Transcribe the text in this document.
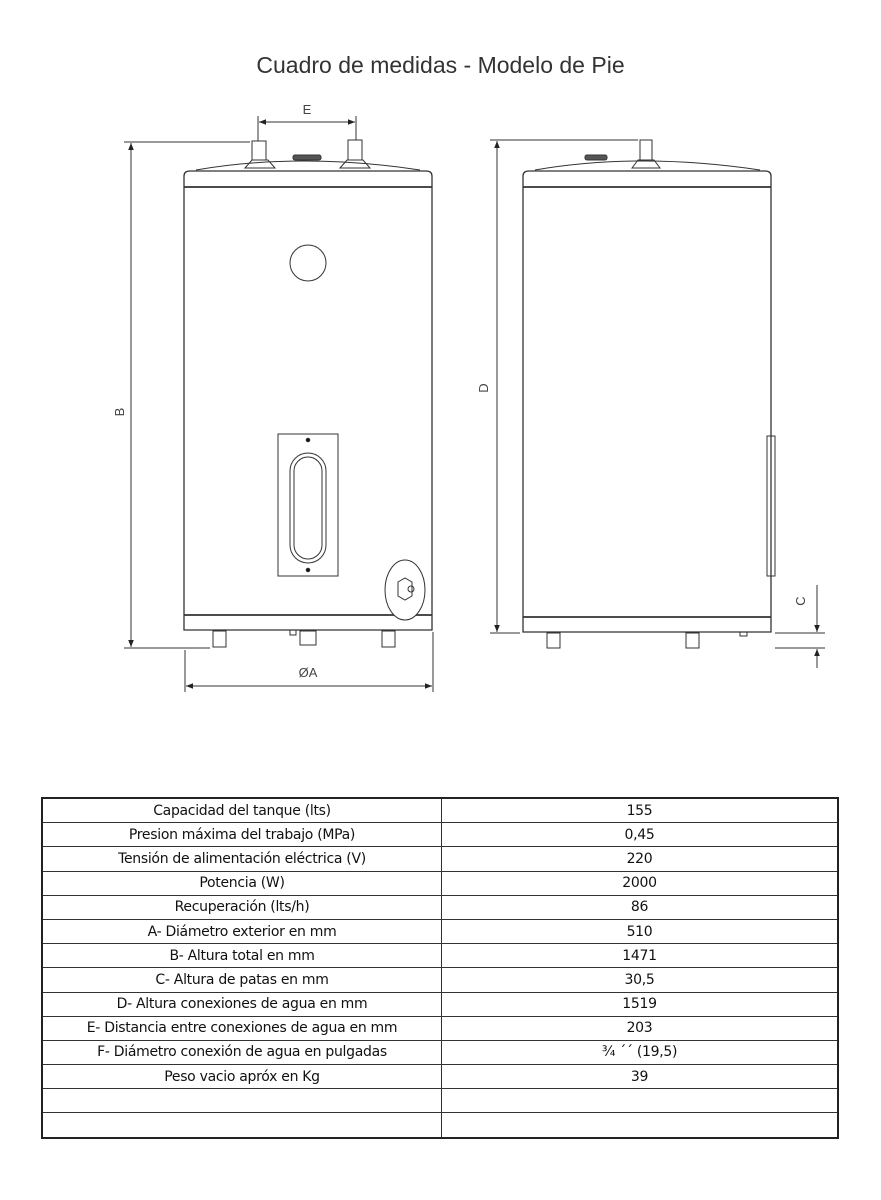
Cuadro de medidas - Modelo de Pie
E
B
ØA
D
C
Capacidad del tanque (lts)	155
Presion máxima del trabajo (MPa)	0,45
Tensión de alimentación eléctrica (V)	220
Potencia (W)	2000
Recuperación (lts/h)	86
A- Diámetro exterior en mm	510
B- Altura total en mm	1471
C- Altura de patas en mm	30,5
D- Altura conexiones de agua en mm	1519
E- Distancia entre conexiones de agua en mm	203
F- Diámetro conexión de agua en pulgadas	¾ ´´ (19,5)
Peso vacio apróx en Kg	39
